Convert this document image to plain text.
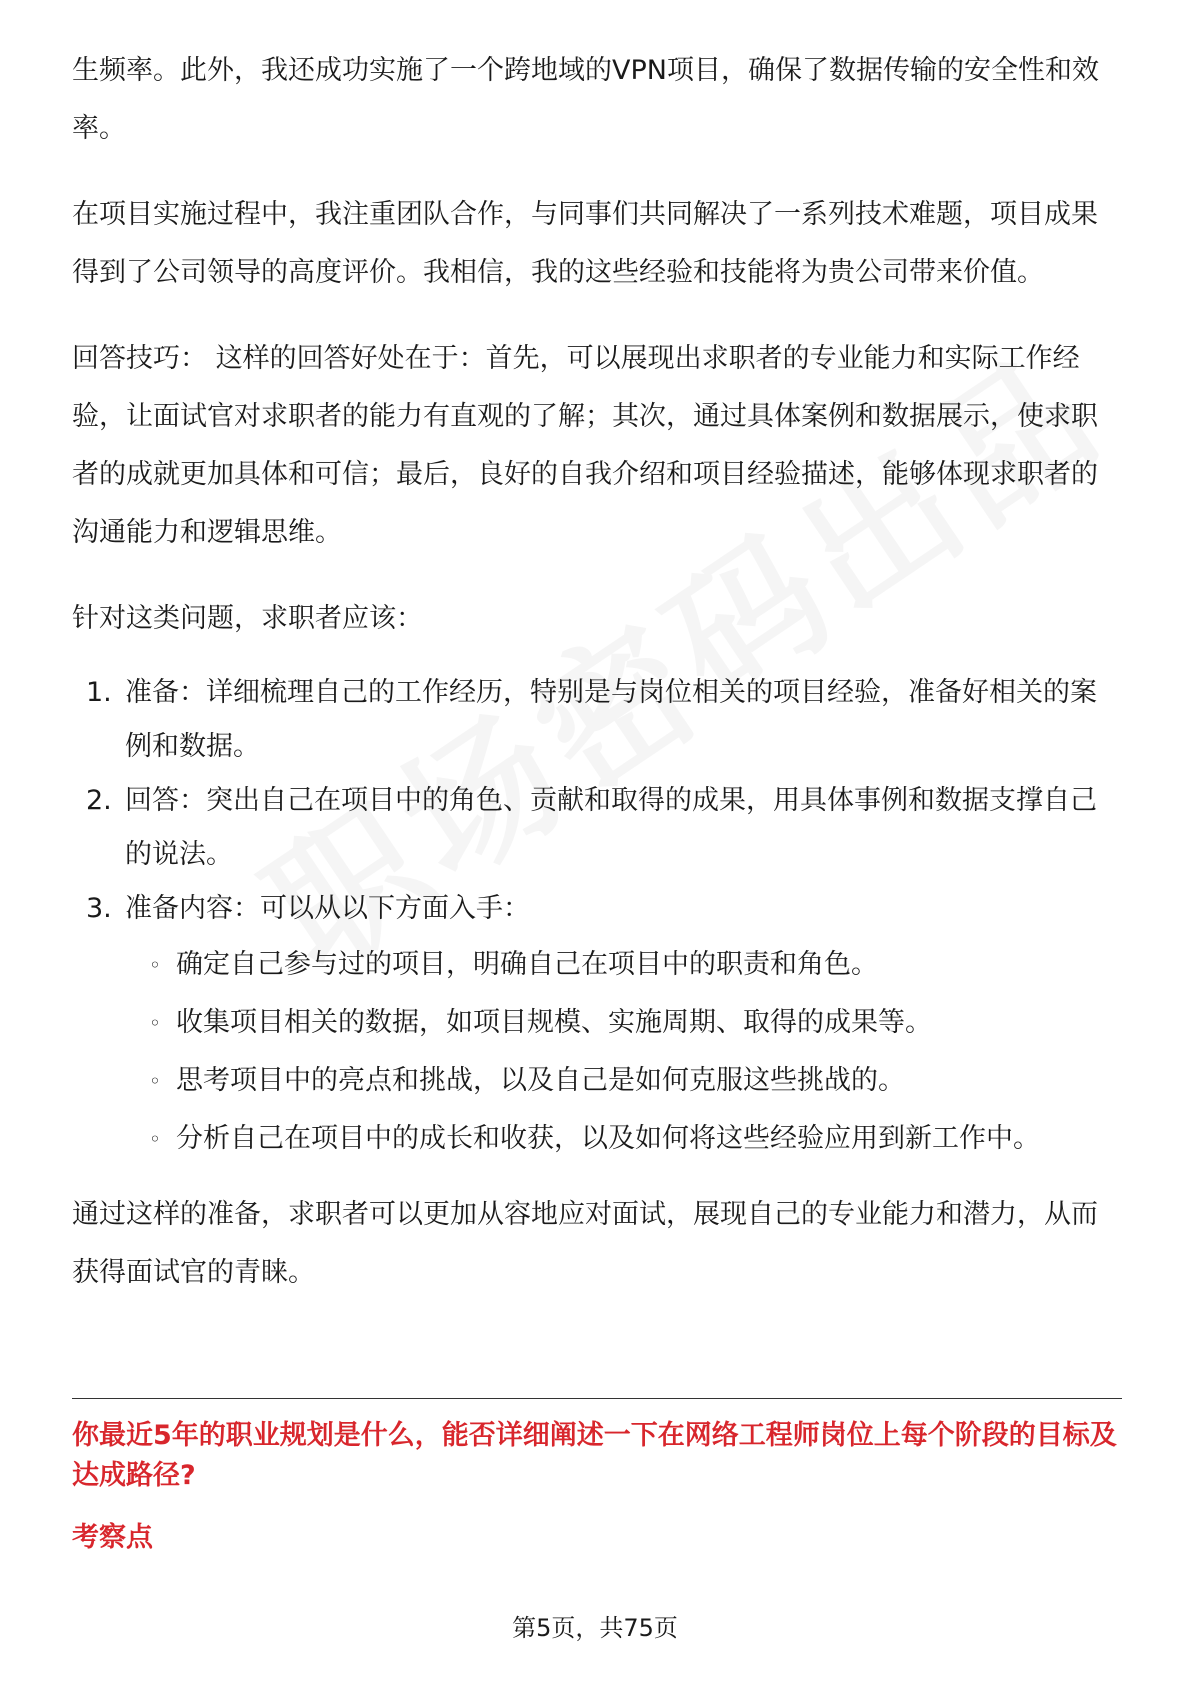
生频率。此外，我还成功实施了一个跨地域的VPN项目，确保了数据传输的安全性和效率。

在项目实施过程中，我注重团队合作，与同事们共同解决了一系列技术难题，项目成果得到了公司领导的高度评价。我相信，我的这些经验和技能将为贵公司带来价值。

回答技巧： 这样的回答好处在于：首先，可以展现出求职者的专业能力和实际工作经验，让面试官对求职者的能力有直观的了解；其次，通过具体案例和数据展示，使求职者的成就更加具体和可信；最后，良好的自我介绍和项目经验描述，能够体现求职者的沟通能力和逻辑思维。

针对这类问题，求职者应该：

1. 准备：详细梳理自己的工作经历，特别是与岗位相关的项目经验，准备好相关的案例和数据。
2. 回答：突出自己在项目中的角色、贡献和取得的成果，用具体事例和数据支撑自己的说法。
3. 准备内容：可以从以下方面入手：
◦ 确定自己参与过的项目，明确自己在项目中的职责和角色。
◦ 收集项目相关的数据，如项目规模、实施周期、取得的成果等。
◦ 思考项目中的亮点和挑战，以及自己是如何克服这些挑战的。
◦ 分析自己在项目中的成长和收获，以及如何将这些经验应用到新工作中。

通过这样的准备，求职者可以更加从容地应对面试，展现自己的专业能力和潜力，从而获得面试官的青睐。

你最近5年的职业规划是什么，能否详细阐述一下在网络工程师岗位上每个阶段的目标及达成路径?
考察点
第5页，共75页
